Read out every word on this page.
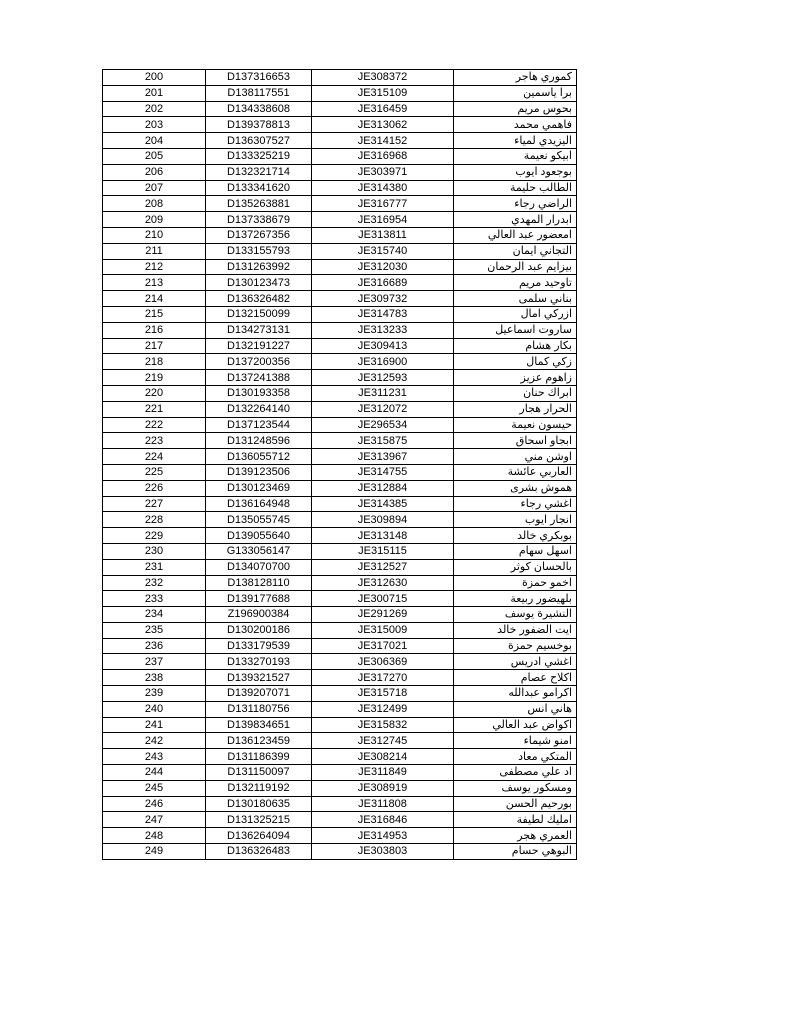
200	D137316653	JE308372	كموري هاجر
201	D138117551	JE315109	برا ياسمين
202	D134338608	JE316459	بحوس مريم
203	D139378813	JE313062	فاهمي محمد
204	D136307527	JE314152	اليزيدي لمياء
205	D133325219	JE316968	ابيكو نعيمة
206	D132321714	JE303971	بوجعود ايوب
207	D133341620	JE314380	الطالب حليمة
208	D135263881	JE316777	الراضي رجاء
209	D137338679	JE316954	ابدرار المهدي
210	D137267356	JE313811	امعضور عبد العالي
211	D133155793	JE315740	التجاني ايمان
212	D131263992	JE312030	بيزايم عبد الرحمان
213	D130123473	JE316689	تاوحيد مريم
214	D136326482	JE309732	بناني سلمى
215	D132150099	JE314783	ازركي امال
216	D134273131	JE313233	ساروت اسماعيل
217	D132191227	JE309413	بكار هشام
218	D137200356	JE316900	زكي كمال
219	D137241388	JE312593	زاهوم عزيز
220	D130193358	JE311231	ابراك حنان
221	D132264140	JE312072	الحرار هجار
222	D137123544	JE296534	حيسون نعيمة
223	D131248596	JE315875	ابجاو اسحاق
224	D136055712	JE313967	اوشن مني
225	D139123506	JE314755	العاربي عائشة
226	D130123469	JE312884	هموش بشرى
227	D136164948	JE314385	اغشي رجاء
228	D135055745	JE309894	انجار ايوب
229	D139055640	JE313148	بوبكري خالد
230	G133056147	JE315115	اسهل سهام
231	D134070700	JE312527	بالحسان كوثر
232	D138128110	JE312630	اخمو حمزة
233	D139177688	JE300715	بلهيضور ربيعة
234	Z196900384	JE291269	النشيرة يوسف
235	D130200186	JE315009	ايت الضفور خالد
236	D133179539	JE317021	بوخسيم حمزة
237	D133270193	JE306369	اغشي ادريس
238	D139321527	JE317270	اكلاح عصام
239	D139207071	JE315718	اكرامو عبدالله
240	D131180756	JE312499	هاني انس
241	D139834651	JE315832	اكواض عبد العالي
242	D136123459	JE312745	امنو شيماء
243	D131186399	JE308214	المتكي معاد
244	D131150097	JE311849	اد علي مصطفى
245	D132119192	JE308919	ومسكور يوسف
246	D130180635	JE311808	بورحيم الحسن
247	D131325215	JE316846	امليك لطيفة
248	D136264094	JE314953	العمري هجر
249	D136326483	JE303803	البوهي حسام
